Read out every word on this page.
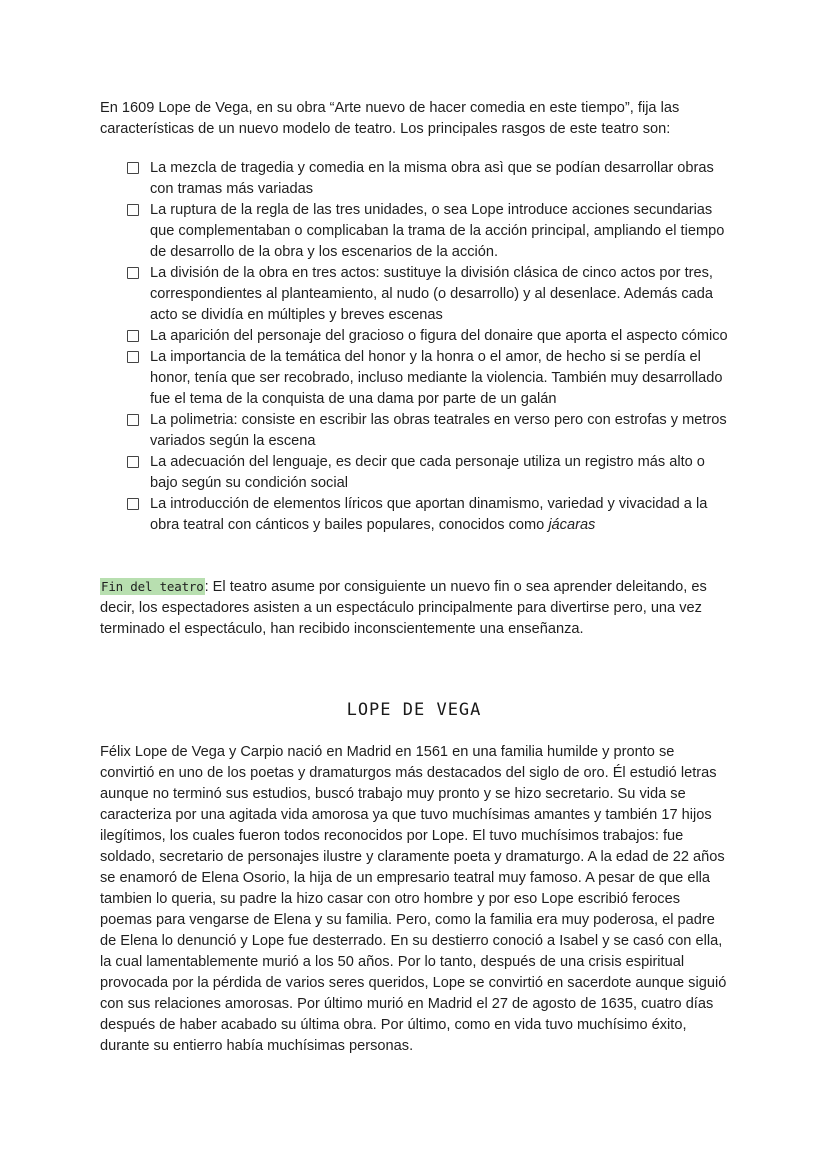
En 1609 Lope de Vega, en su obra “Arte nuevo de hacer comedia en este tiempo”, fija las características de un nuevo modelo de teatro. Los principales rasgos de este teatro son:

La mezcla de tragedia y comedia en la misma obra asì que se podían desarrollar obras con tramas más variadas
La ruptura de la regla de las tres unidades, o sea Lope introduce acciones secundarias que complementaban o complicaban la trama de la acción principal, ampliando el tiempo de desarrollo de la obra y los escenarios de la acción.
La división de la obra en tres actos: sustituye la división clásica de cinco actos por tres, correspondientes al planteamiento, al nudo (o desarrollo) y al desenlace. Además cada acto se dividía en múltiples y breves escenas
La aparición del personaje del gracioso o figura del donaire que aporta el aspecto cómico
La importancia de la temática del honor y la honra o el amor, de hecho si se perdía el honor, tenía que ser recobrado, incluso mediante la violencia. También muy desarrollado fue el tema de la conquista de una dama por parte de un galán
La polimetria: consiste en escribir las obras teatrales en verso pero con estrofas y metros variados según la escena
La adecuación del lenguaje, es decir que cada personaje utiliza un registro más alto o bajo según su condición social
La introducción de elementos líricos que aportan dinamismo, variedad y vivacidad a la obra teatral con cánticos y bailes populares, conocidos como jácaras

Fin del teatro: El teatro asume por consiguiente un nuevo fin o sea aprender deleitando, es decir, los espectadores asisten a un espectáculo principalmente para divertirse pero, una vez terminado el espectáculo, han recibido inconscientemente una enseñanza.

LOPE DE VEGA

Félix Lope de Vega y Carpio nació en Madrid en 1561 en una familia humilde y pronto se convirtió en uno de los poetas y dramaturgos más destacados del siglo de oro. Él estudió letras aunque no terminó sus estudios, buscó trabajo muy pronto y se hizo secretario. Su vida se caracteriza por una agitada vida amorosa ya que tuvo muchísimas amantes y también 17 hijos ilegítimos, los cuales fueron todos reconocidos por Lope. El tuvo muchísimos trabajos: fue soldado, secretario de personajes ilustre y claramente poeta y dramaturgo. A la edad de 22 años se enamoró de Elena Osorio, la hija de un empresario teatral muy famoso. A pesar de que ella tambien lo queria, su padre la hizo casar con otro hombre y por eso Lope escribió feroces poemas para vengarse de Elena y su familia. Pero, como la familia era muy poderosa, el padre de Elena lo denunció y Lope fue desterrado. En su destierro conoció a Isabel y se casó con ella, la cual lamentablemente murió a los 50 años. Por lo tanto, después de una crisis espiritual provocada por la pérdida de varios seres queridos, Lope se convirtió en sacerdote aunque siguió con sus relaciones amorosas. Por último murió en Madrid el 27 de agosto de 1635, cuatro días después de haber acabado su última obra. Por último, como en vida tuvo muchísimo éxito, durante su entierro había muchísimas personas.
